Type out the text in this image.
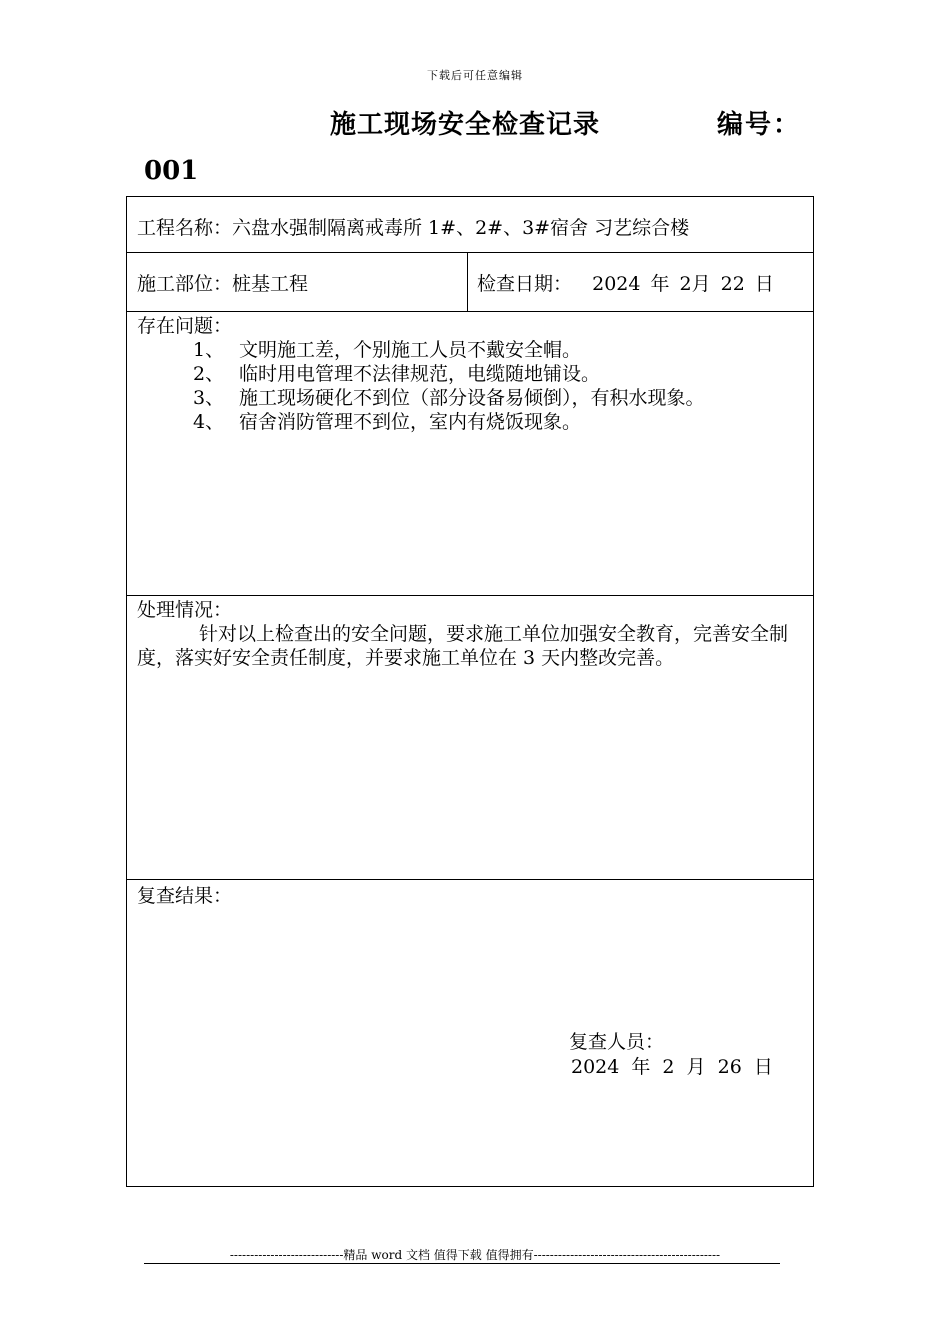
下载后可任意编辑
施工现场安全检查记录	编号：
001
工程名称：六盘水强制隔离戒毒所 1#、2#、3#宿舍 习艺综合楼
施工部位：桩基工程	检查日期： 2024 年 2月 22 日
存在问题：
1、 文明施工差，个别施工人员不戴安全帽。
2、 临时用电管理不法律规范，电缆随地铺设。
3、 施工现场硬化不到位（部分设备易倾倒），有积水现象。
4、 宿舍消防管理不到位，室内有烧饭现象。
处理情况：
针对以上检查出的安全问题，要求施工单位加强安全教育，完善安全制度，落实好安全责任制度，并要求施工单位在 3 天内整改完善。
复查结果：
复查人员：
2024 年 2 月 26 日
----------------------------精品 word 文档 值得下载 值得拥有----------------------------------------------
